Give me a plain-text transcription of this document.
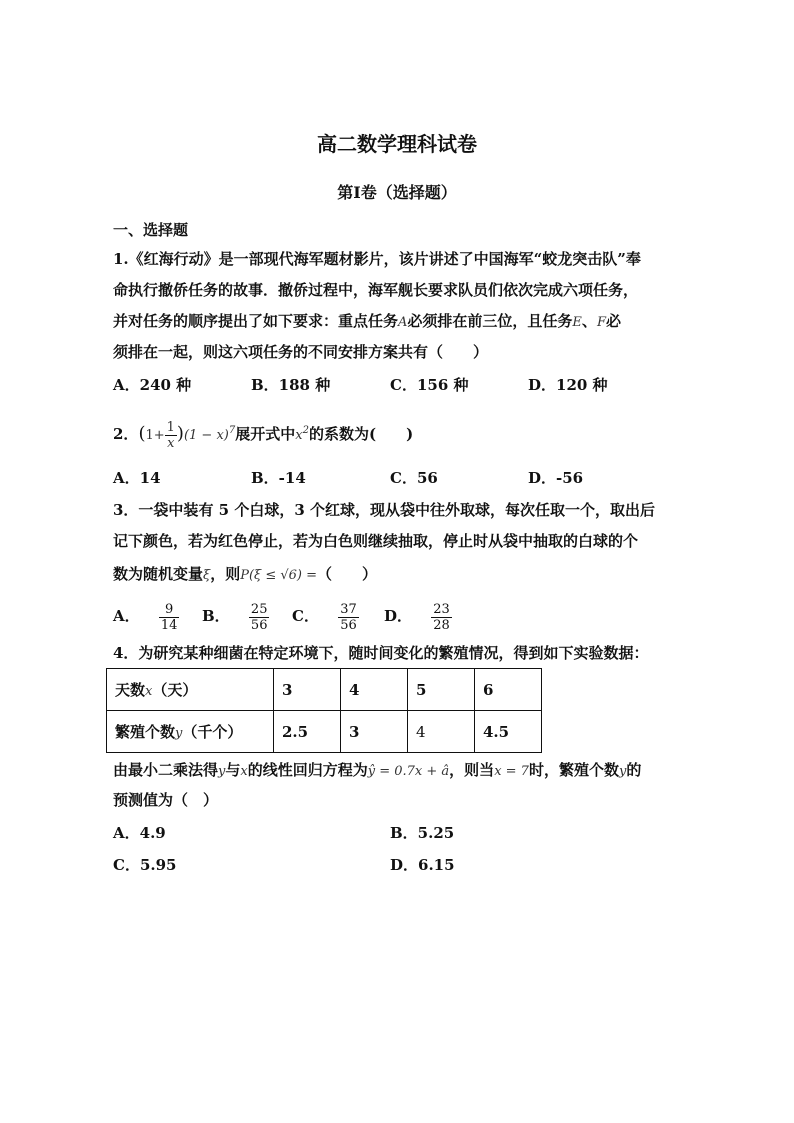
高二数学理科试卷
第I卷（选择题）
一、选择题
1.《红海行动》是一部现代海军题材影片，该片讲述了中国海军“蛟龙突击队”奉
命执行撤侨任务的故事．撤侨过程中，海军舰长要求队员们依次完成六项任务，
并对任务的顺序提出了如下要求：重点任务A必须排在前三位，且任务E、F必
须排在一起，则这六项任务的不同安排方案共有（　　）
A．240 种	B．188 种	C．156 种	D．120 种
2．$(1+ \frac{1}{x} )(1 - x)^7$展开式中$x^2$的系数为(　　)
A．14	B．-14	C．56	D．-56
3．一袋中装有 5 个白球，3 个红球，现从袋中往外取球，每次任取一个，取出后
记下颜色，若为红色停止，若为白色则继续抽取，停止时从袋中抽取的白球的个
数为随机变量ξ，则P(ξ ≤ √6) =（　　）
A． $\frac{9}{14}$ B． $\frac{25}{56}$ C． $\frac{37}{56}$ D． $\frac{23}{28}$
4．为研究某种细菌在特定环境下，随时间变化的繁殖情况，得到如下实验数据：
天数x（天）	3	4	5	6
繁殖个数y（千个）	2.5	3	4	4.5
由最小二乘法得y与x的线性回归方程为ŷ = 0.7x + â，则当x = 7时，繁殖个数y的
预测值为（　）
A．4.9	B．5.25
C．5.95	D．6.15
